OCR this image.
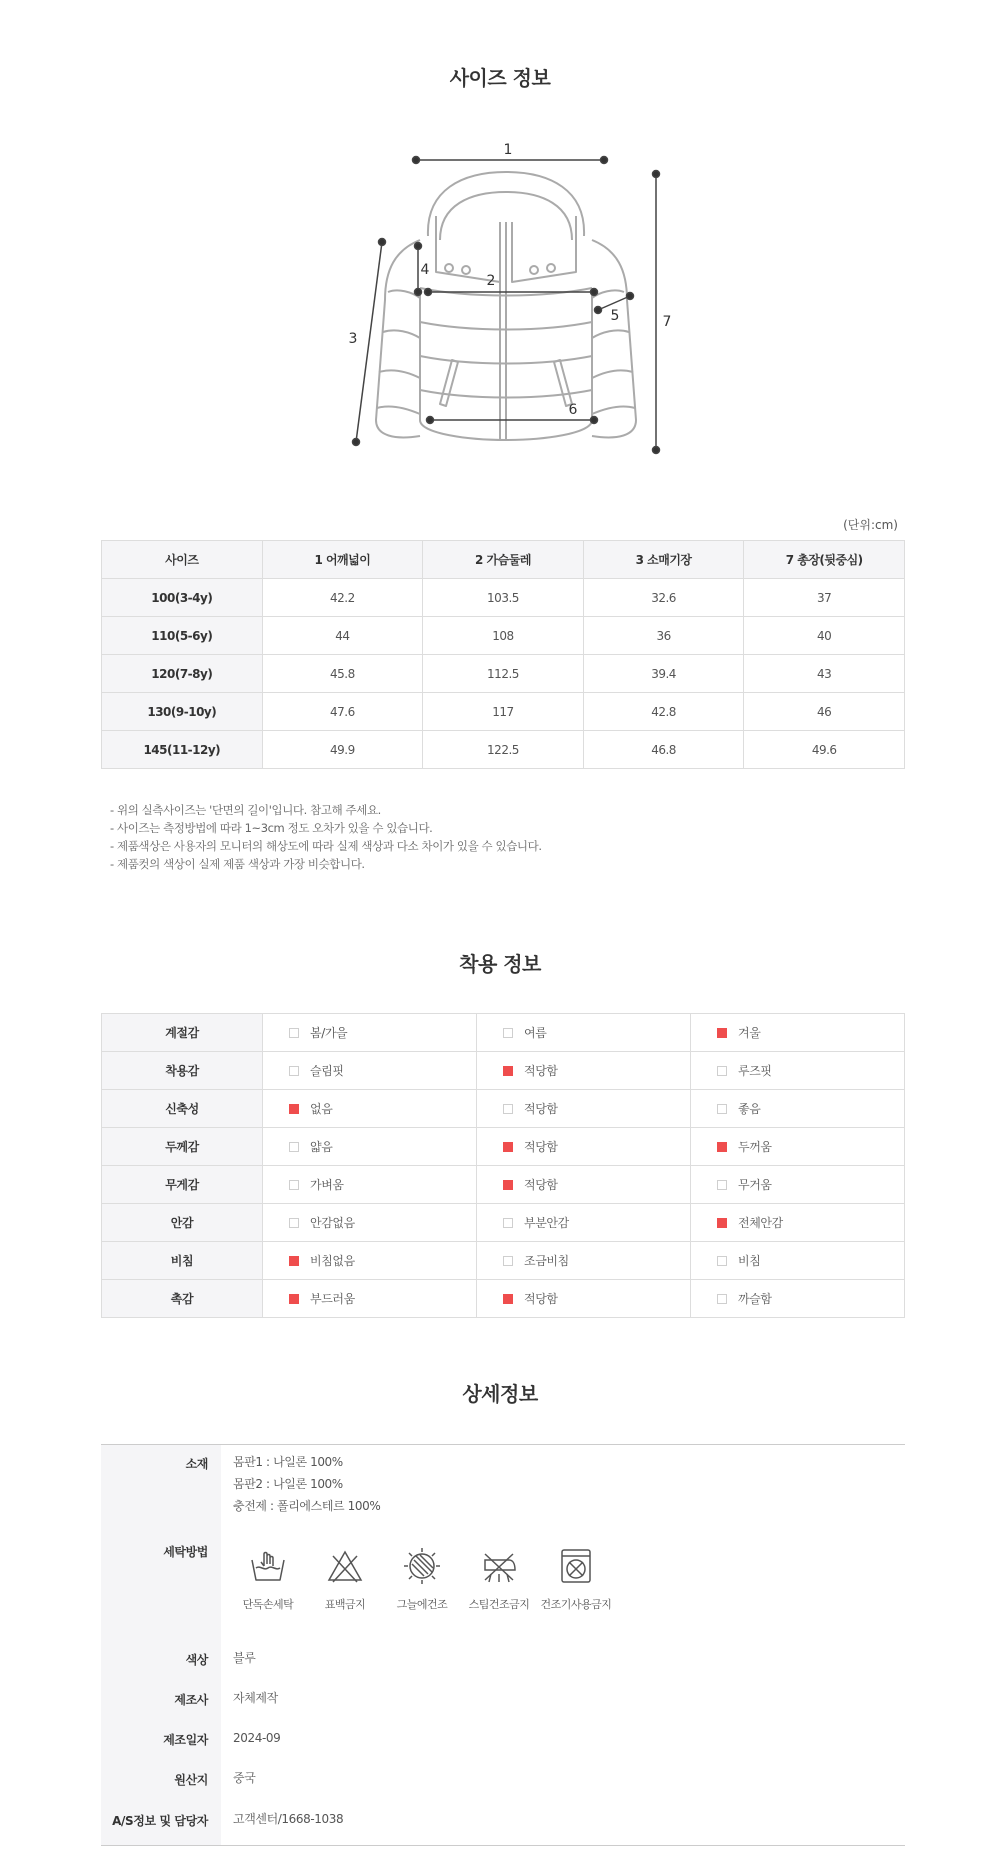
사이즈 정보
1
2
3
4
5
6
7
(단위:cm)
사이즈	1 어깨넓이	2 가슴둘레	3 소매기장	7 총장(뒷중심)
100(3-4y)	42.2	103.5	32.6	37
110(5-6y)	44	108	36	40
120(7-8y)	45.8	112.5	39.4	43
130(9-10y)	47.6	117	42.8	46
145(11-12y)	49.9	122.5	46.8	49.6
- 위의 실측사이즈는 '단면의 길이'입니다. 참고해 주세요.
- 사이즈는 측정방법에 따라 1~3cm 정도 오차가 있을 수 있습니다.
- 제품색상은 사용자의 모니터의 해상도에 따라 실제 색상과 다소 차이가 있을 수 있습니다.
- 제품컷의 색상이 실제 제품 색상과 가장 비슷합니다.
착용 정보
계절감	봄/가을	여름	겨울
착용감	슬림핏	적당함	루즈핏
신축성	없음	적당함	좋음
두께감	얇음	적당함	두꺼움
무게감	가벼움	적당함	무거움
안감	안감없음	부분안감	전체안감
비침	비침없음	조금비침	비침
촉감	부드러움	적당함	까슬함
상세정보
소재 몸판1 : 나일론 100%
몸판2 : 나일론 100%
충전제 : 폴리에스테르 100%
세탁방법
색상 블루
제조사 자체제작
제조일자 2024-09
원산지 중국
A/S정보 및 담당자 고객센터/1668-1038
단독손세탁	표백금지	그늘에건조	스팀건조금지	건조기사용금지
